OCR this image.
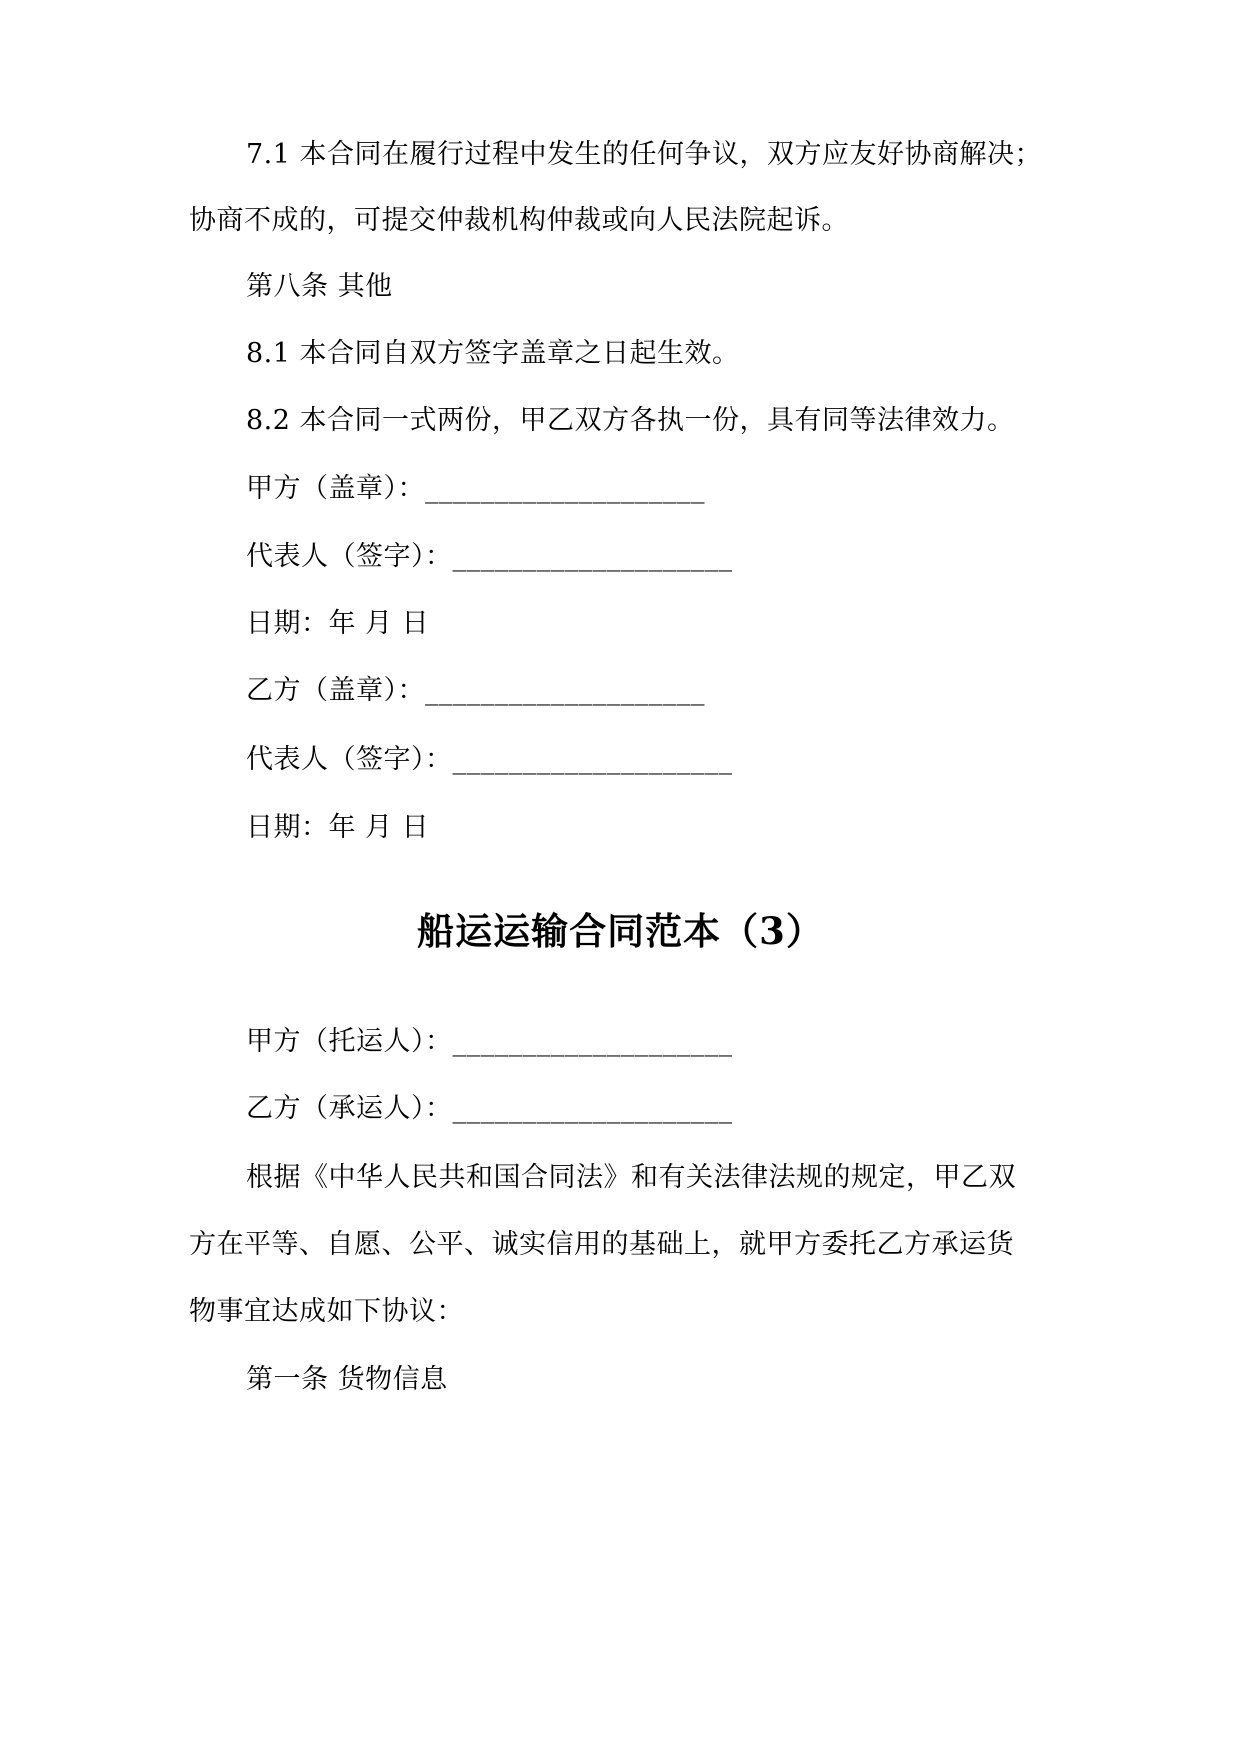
7.1 本合同在履行过程中发生的任何争议，双方应友好协商解决；
协商不成的，可提交仲裁机构仲裁或向人民法院起诉。
第八条 其他
8.1 本合同自双方签字盖章之日起生效。
8.2 本合同一式两份，甲乙双方各执一份，具有同等法律效力。
甲方（盖章）：____________________
代表人（签字）：____________________
日期：年 月 日
乙方（盖章）：____________________
代表人（签字）：____________________
日期：年 月 日
船运运输合同范本（3）
甲方（托运人）：____________________
乙方（承运人）：____________________
根据《中华人民共和国合同法》和有关法律法规的规定，甲乙双
方在平等、自愿、公平、诚实信用的基础上，就甲方委托乙方承运货
物事宜达成如下协议：
第一条 货物信息
